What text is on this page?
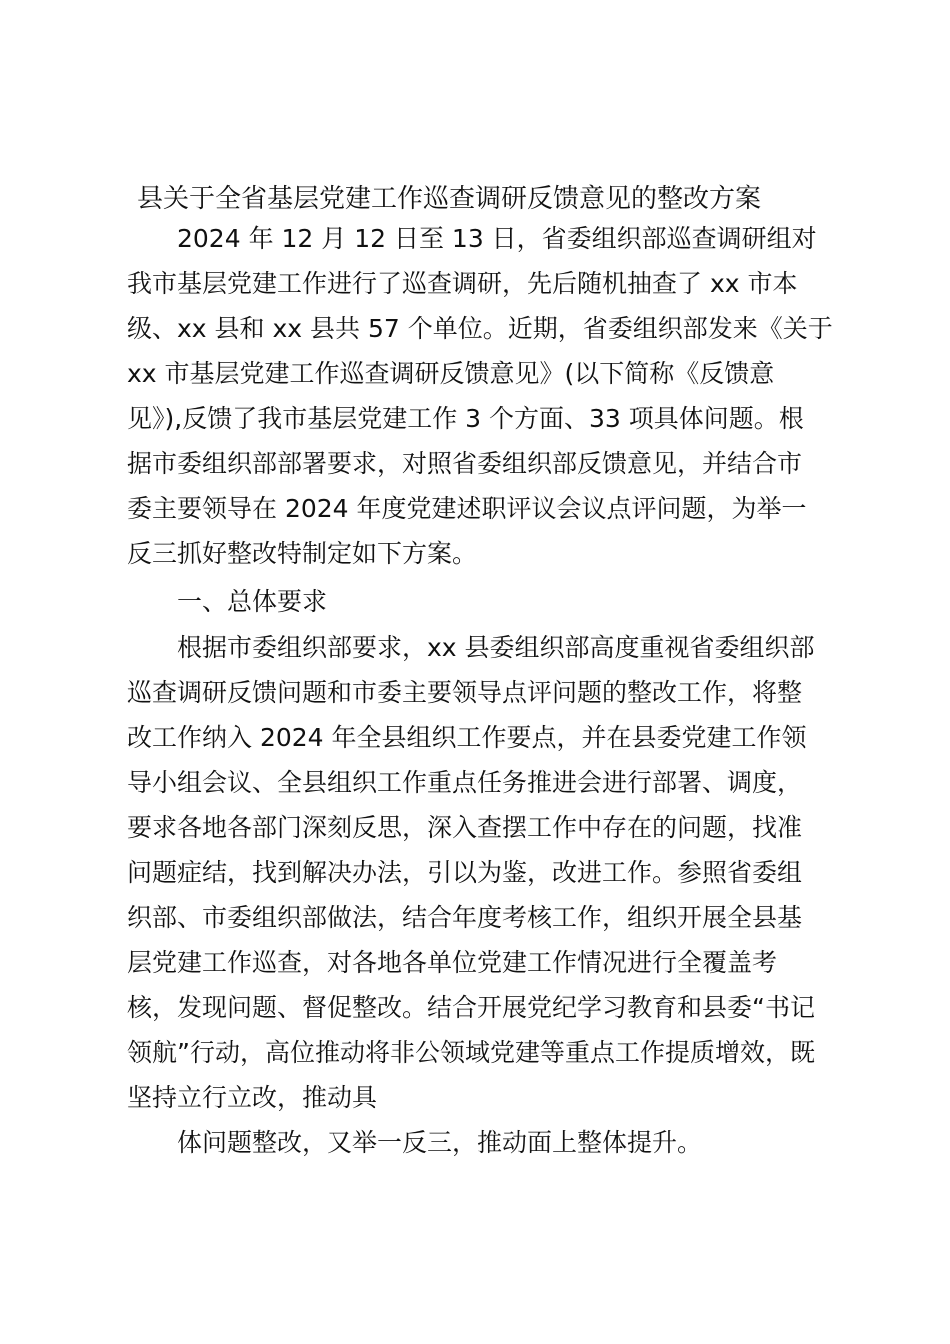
县关于全省基层党建工作巡查调研反馈意见的整改方案
2024 年 12 月 12 日至 13 日，省委组织部巡查调研组对
我市基层党建工作进行了巡查调研，先后随机抽查了 xx 市本
级、xx 县和 xx 县共 57 个单位。近期，省委组织部发来《关于
xx 市基层党建工作巡查调研反馈意见》(以下简称《反馈意
见》),反馈了我市基层党建工作 3 个方面、33 项具体问题。根
据市委组织部部署要求，对照省委组织部反馈意见，并结合市
委主要领导在 2024 年度党建述职评议会议点评问题，为举一
反三抓好整改特制定如下方案。
一、总体要求
根据市委组织部要求，xx 县委组织部高度重视省委组织部
巡查调研反馈问题和市委主要领导点评问题的整改工作，将整
改工作纳入 2024 年全县组织工作要点，并在县委党建工作领
导小组会议、全县组织工作重点任务推进会进行部署、调度，
要求各地各部门深刻反思，深入查摆工作中存在的问题，找准
问题症结，找到解决办法，引以为鉴，改进工作。参照省委组
织部、市委组织部做法，结合年度考核工作，组织开展全县基
层党建工作巡查，对各地各单位党建工作情况进行全覆盖考
核，发现问题、督促整改。结合开展党纪学习教育和县委“书记
领航”行动，高位推动将非公领域党建等重点工作提质增效，既
坚持立行立改，推动具
体问题整改，又举一反三，推动面上整体提升。
